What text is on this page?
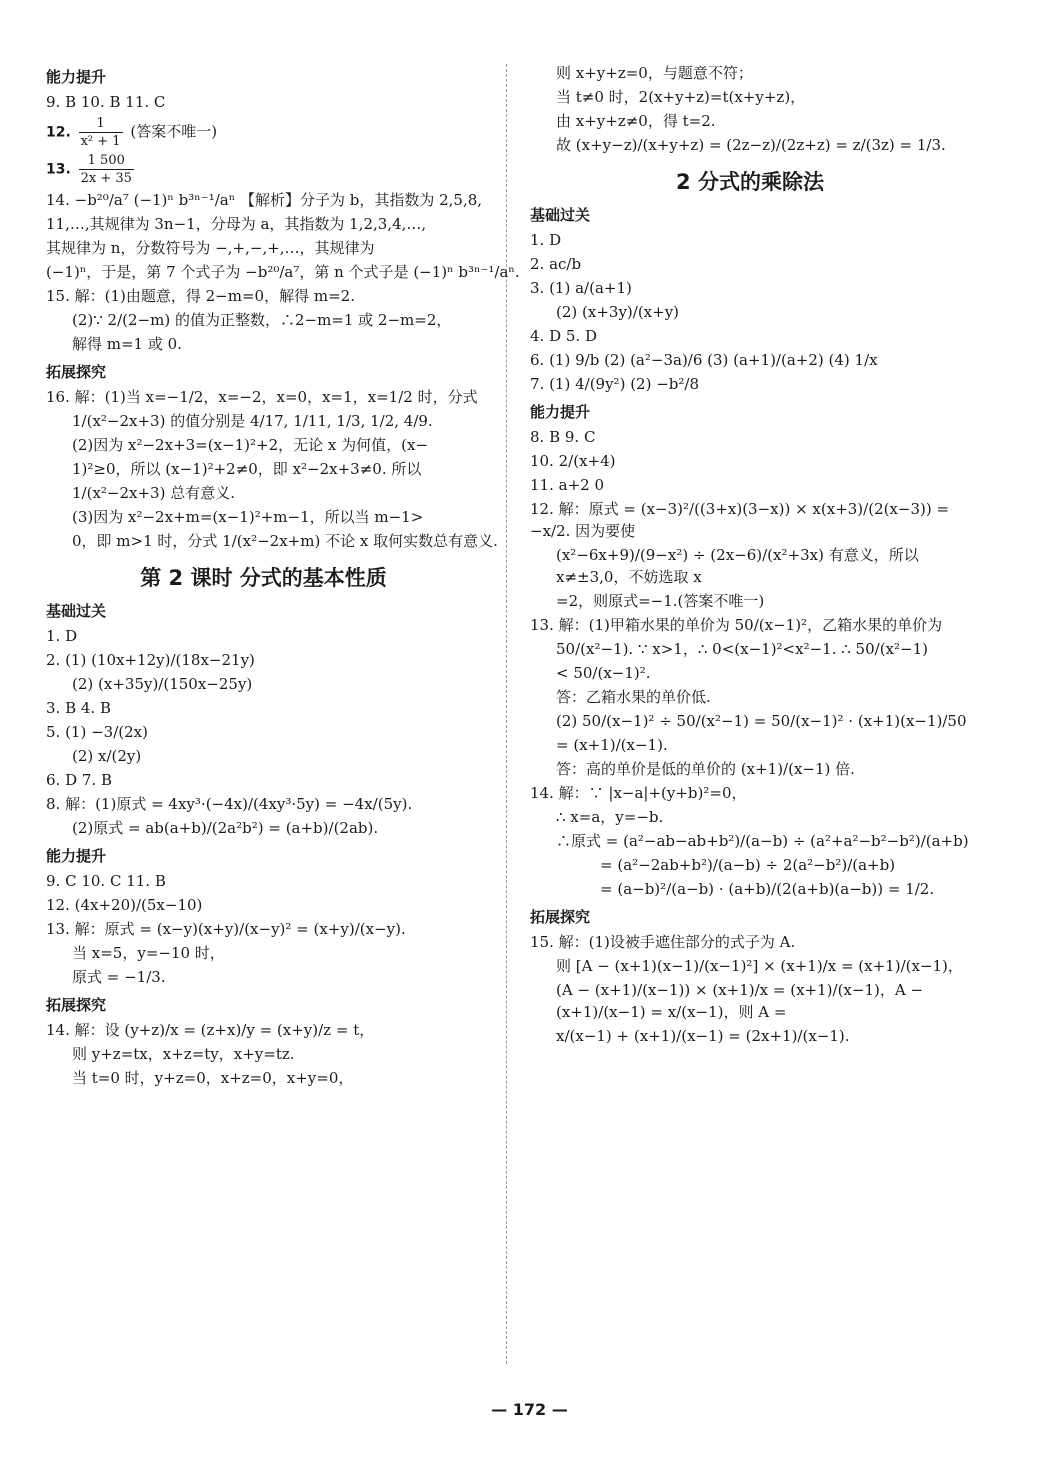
能力提升
9. B 10. B 11. C
12. $\frac{1}{\text{x² + 1}}$ (答案不唯一)
13. $\frac{1 500}{2x + 35}$
14. −b²⁰/a⁷ (−1)ⁿ b³ⁿ⁻¹/aⁿ 【解析】分子为 b，其指数为 2,5,8,
11,…,其规律为 3n−1，分母为 a，其指数为 1,2,3,4,…,
其规律为 n，分数符号为 −,+,−,+,…，其规律为
(−1)ⁿ，于是，第 7 个式子为 −b²⁰/a⁷，第 n 个式子是 (−1)ⁿ b³ⁿ⁻¹/aⁿ.
15. 解：(1)由题意，得 2−m=0，解得 m=2.
(2)∵ 2/(2−m) 的值为正整数，∴2−m=1 或 2−m=2，
解得 m=1 或 0.
拓展探究
16. 解：(1)当 x=−1/2，x=−2，x=0，x=1，x=1/2 时，分式
1/(x²−2x+3) 的值分别是 4/17, 1/11, 1/3, 1/2, 4/9.
(2)因为 x²−2x+3=(x−1)²+2，无论 x 为何值，(x−
1)²≥0，所以 (x−1)²+2≠0，即 x²−2x+3≠0. 所以
1/(x²−2x+3) 总有意义.
(3)因为 x²−2x+m=(x−1)²+m−1，所以当 m−1>
0，即 m>1 时，分式 1/(x²−2x+m) 不论 x 取何实数总有意义.
第 2 课时 分式的基本性质
基础过关
1. D
2. (1) (10x+12y)/(18x−21y)
(2) (x+35y)/(150x−25y)
3. B 4. B
5. (1) −3/(2x)
(2) x/(2y)
6. D 7. B
8. 解：(1)原式 = 4xy³·(−4x)/(4xy³·5y) = −4x/(5y).
(2)原式 = ab(a+b)/(2a²b²) = (a+b)/(2ab).
能力提升
9. C 10. C 11. B
12. (4x+20)/(5x−10)
13. 解：原式 = (x−y)(x+y)/(x−y)² = (x+y)/(x−y).
当 x=5，y=−10 时，
原式 = −1/3.
拓展探究
14. 解：设 (y+z)/x = (z+x)/y = (x+y)/z = t，
则 y+z=tx，x+z=ty，x+y=tz.
当 t=0 时，y+z=0，x+z=0，x+y=0，
则 x+y+z=0，与题意不符；
当 t≠0 时，2(x+y+z)=t(x+y+z)，
由 x+y+z≠0，得 t=2.
故 (x+y−z)/(x+y+z) = (2z−z)/(2z+z) = z/(3z) = 1/3.
2 分式的乘除法
基础过关
1. D
2. ac/b
3. (1) a/(a+1)
(2) (x+3y)/(x+y)
4. D 5. D
6. (1) 9/b (2) (a²−3a)/6 (3) (a+1)/(a+2) (4) 1/x
7. (1) 4/(9y²) (2) −b²/8
能力提升
8. B 9. C
10. 2/(x+4)
11. a+2 0
12. 解：原式 = (x−3)²/((3+x)(3−x)) × x(x+3)/(2(x−3)) = −x/2. 因为要使
(x²−6x+9)/(9−x²) ÷ (2x−6)/(x²+3x) 有意义，所以 x≠±3,0，不妨选取 x
=2，则原式=−1.(答案不唯一)
13. 解：(1)甲箱水果的单价为 50/(x−1)²，乙箱水果的单价为
50/(x²−1). ∵ x>1，∴ 0<(x−1)²<x²−1. ∴ 50/(x²−1)
< 50/(x−1)².
答：乙箱水果的单价低.
(2) 50/(x−1)² ÷ 50/(x²−1) = 50/(x−1)² · (x+1)(x−1)/50
= (x+1)/(x−1).
答：高的单价是低的单价的 (x+1)/(x−1) 倍.
14. 解：∵ |x−a|+(y+b)²=0，
∴ x=a，y=−b.
∴原式 = (a²−ab−ab+b²)/(a−b) ÷ (a²+a²−b²−b²)/(a+b)
= (a²−2ab+b²)/(a−b) ÷ 2(a²−b²)/(a+b)
= (a−b)²/(a−b) · (a+b)/(2(a+b)(a−b)) = 1/2.
拓展探究
15. 解：(1)设被手遮住部分的式子为 A.
则 [A − (x+1)(x−1)/(x−1)²] × (x+1)/x = (x+1)/(x−1)，
(A − (x+1)/(x−1)) × (x+1)/x = (x+1)/(x−1)，A − (x+1)/(x−1) = x/(x−1)，则 A =
x/(x−1) + (x+1)/(x−1) = (2x+1)/(x−1).
— 172 —
